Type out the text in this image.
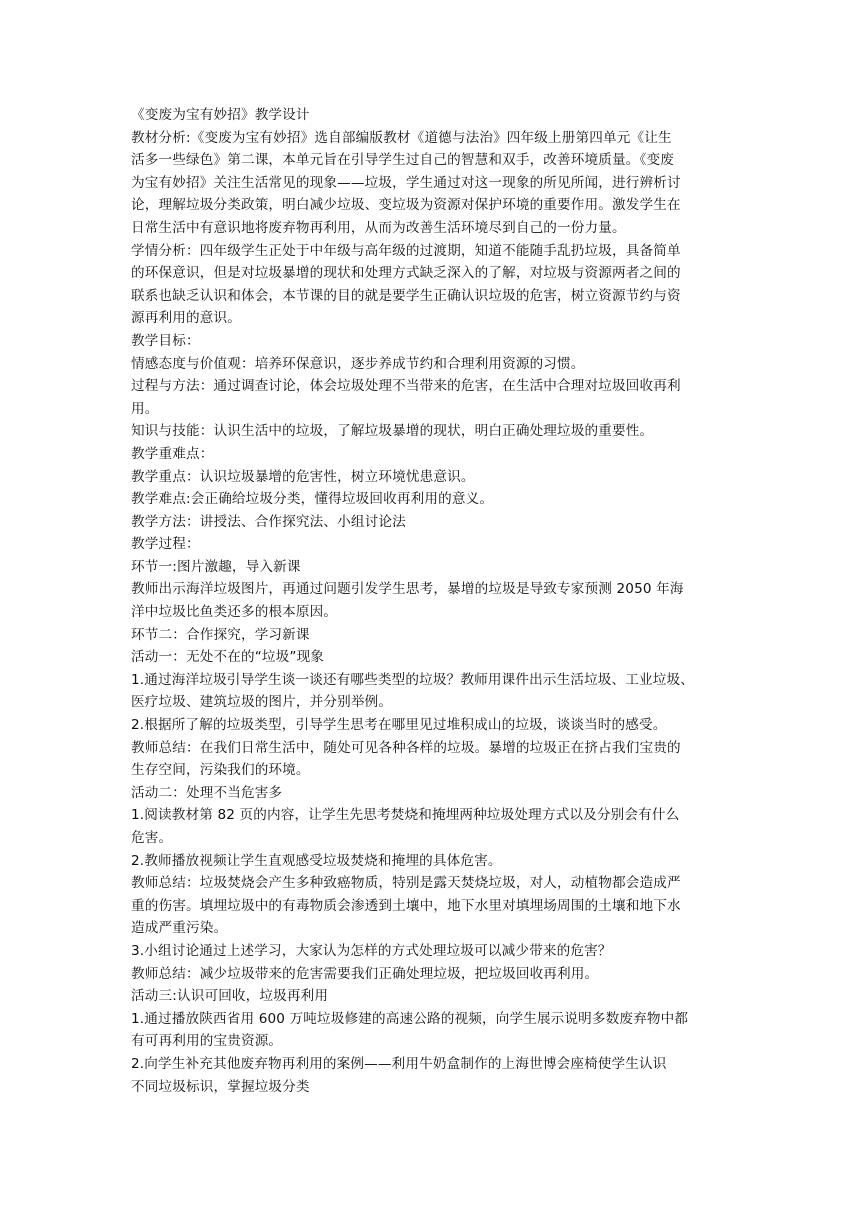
《变废为宝有妙招》教学设计
教材分析:《变废为宝有妙招》选自部编版教材《道德与法治》四年级上册第四单元《让生
活多一些绿色》第二课，本单元旨在引导学生过自己的智慧和双手，改善环境质量。《变废
为宝有妙招》关注生活常见的现象——垃圾，学生通过对这一现象的所见所闻，进行辨析讨
论，理解垃圾分类政策，明白减少垃圾、变垃圾为资源对保护环境的重要作用。激发学生在
日常生活中有意识地将废弃物再利用，从而为改善生活环境尽到自己的一份力量。
学情分析：四年级学生正处于中年级与高年级的过渡期，知道不能随手乱扔垃圾，具备简单
的环保意识，但是对垃圾暴增的现状和处理方式缺乏深入的了解，对垃圾与资源两者之间的
联系也缺乏认识和体会，本节课的目的就是要学生正确认识垃圾的危害，树立资源节约与资
源再利用的意识。
教学目标：
情感态度与价值观：培养环保意识，逐步养成节约和合理利用资源的习惯。
过程与方法：通过调查讨论，体会垃圾处理不当带来的危害，在生活中合理对垃圾回收再利
用。
知识与技能：认识生活中的垃圾，了解垃圾暴增的现状，明白正确处理垃圾的重要性。
教学重难点：
教学重点：认识垃圾暴增的危害性，树立环境忧患意识。
教学难点:会正确给垃圾分类，懂得垃圾回收再利用的意义。
教学方法：讲授法、合作探究法、小组讨论法
教学过程：
环节一:图片激趣，导入新课
教师出示海洋垃圾图片，再通过问题引发学生思考，暴增的垃圾是导致专家预测 2050 年海
洋中垃圾比鱼类还多的根本原因。
环节二：合作探究，学习新课
活动一：无处不在的“垃圾”现象
1.通过海洋垃圾引导学生谈一谈还有哪些类型的垃圾？教师用课件出示生活垃圾、工业垃圾、
医疗垃圾、建筑垃圾的图片，并分别举例。
2.根据所了解的垃圾类型，引导学生思考在哪里见过堆积成山的垃圾，谈谈当时的感受。
教师总结：在我们日常生活中，随处可见各种各样的垃圾。暴增的垃圾正在挤占我们宝贵的
生存空间，污染我们的环境。
活动二：处理不当危害多
1.阅读教材第 82 页的内容，让学生先思考焚烧和掩埋两种垃圾处理方式以及分别会有什么
危害。
2.教师播放视频让学生直观感受垃圾焚烧和掩埋的具体危害。
教师总结：垃圾焚烧会产生多种致癌物质，特别是露天焚烧垃圾，对人，动植物都会造成严
重的伤害。填埋垃圾中的有毒物质会渗透到土壤中，地下水里对填埋场周围的土壤和地下水
造成严重污染。
3.小组讨论通过上述学习，大家认为怎样的方式处理垃圾可以减少带来的危害？
教师总结：减少垃圾带来的危害需要我们正确处理垃圾，把垃圾回收再利用。
活动三:认识可回收，垃圾再利用
1.通过播放陕西省用 600 万吨垃圾修建的高速公路的视频，向学生展示说明多数废弃物中都
有可再利用的宝贵资源。
2.向学生补充其他废弃物再利用的案例——利用牛奶盒制作的上海世博会座椅使学生认识
不同垃圾标识，掌握垃圾分类
